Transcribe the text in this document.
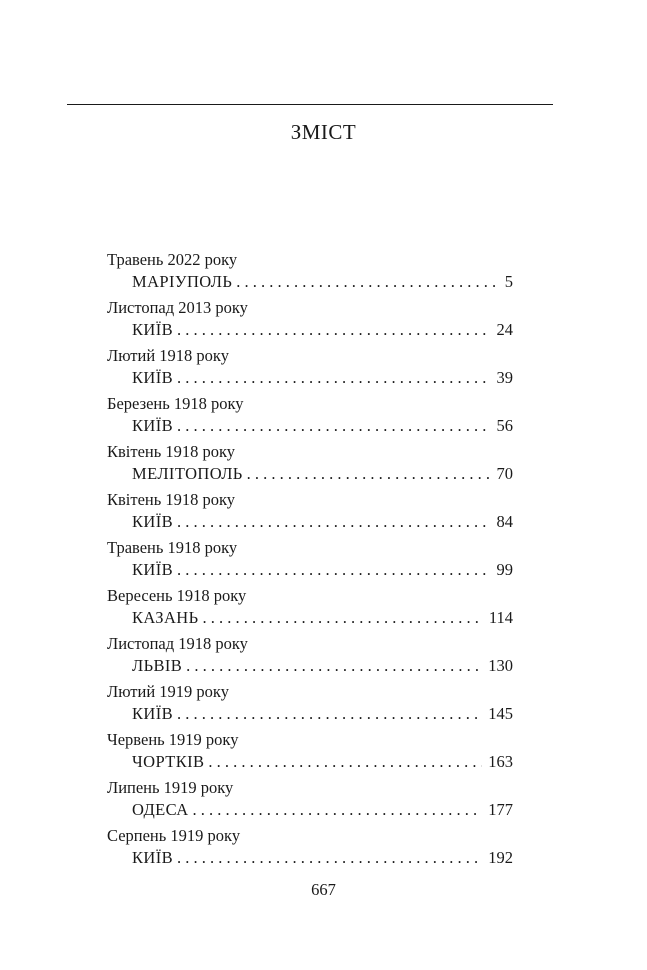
ЗМІСТ
Травень 2022 року
МАРІУПОЛЬ . . .	5
Листопад 2013 року
КИЇВ . . .	24
Лютий 1918 року
КИЇВ . . .	39
Березень 1918 року
КИЇВ . . .	56
Квітень 1918 року
МЕЛІТОПОЛЬ . . .	70
Квітень 1918 року
КИЇВ . . .	84
Травень 1918 року
КИЇВ . . .	99
Вересень 1918 року
КАЗАНЬ . . .	114
Листопад 1918 року
ЛЬВІВ . . .	130
Лютий 1919 року
КИЇВ . . .	145
Червень 1919 року
ЧОРТКІВ . . .	163
Липень 1919 року
ОДЕСА . . .	177
Серпень 1919 року
КИЇВ . . .	192
667
